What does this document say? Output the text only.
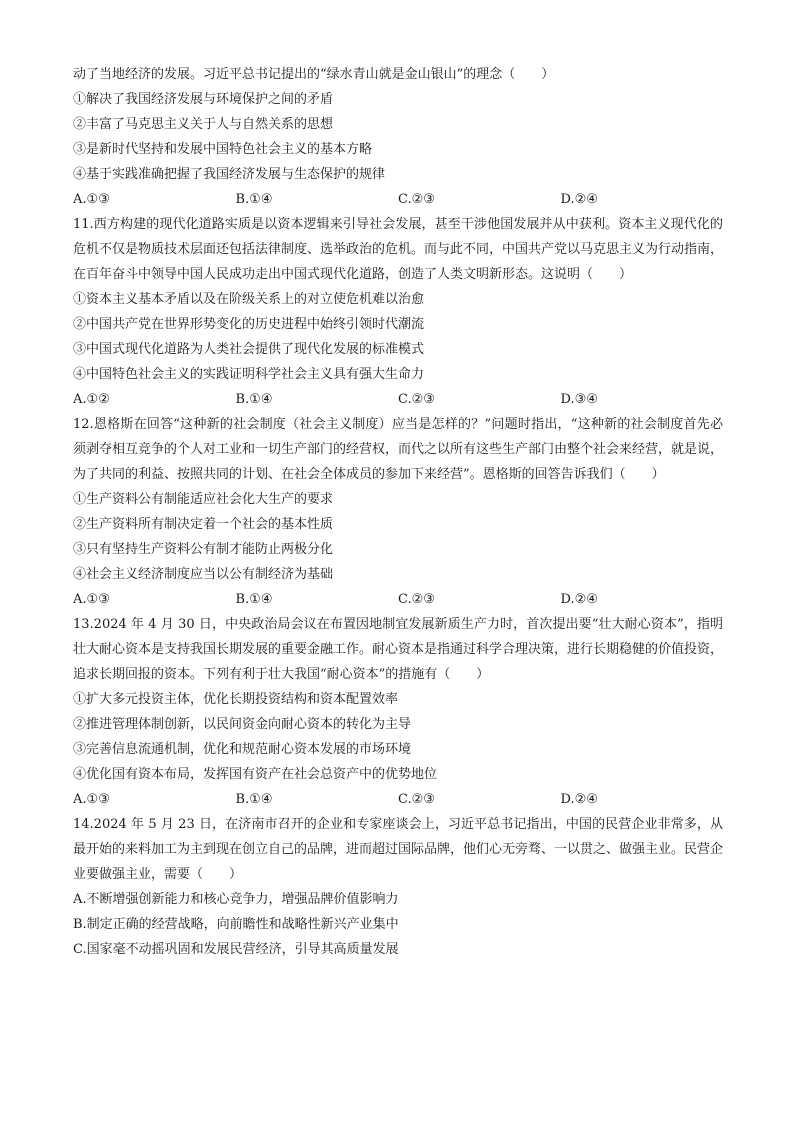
动了当地经济的发展。习近平总书记提出的“绿水青山就是金山银山”的理念（　　）
①解决了我国经济发展与环境保护之间的矛盾
②丰富了马克思主义关于人与自然关系的思想
③是新时代坚持和发展中国特色社会主义的基本方略
④基于实践准确把握了我国经济发展与生态保护的规律
A.①③	B.①④	C.②③	D.②④
11.西方构建的现代化道路实质是以资本逻辑来引导社会发展，甚至干涉他国发展并从中获利。资本主义现代化的危机不仅是物质技术层面还包括法律制度、选举政治的危机。而与此不同，中国共产党以马克思主义为行动指南，在百年奋斗中领导中国人民成功走出中国式现代化道路，创造了人类文明新形态。这说明（　　）
①资本主义基本矛盾以及在阶级关系上的对立使危机难以治愈
②中国共产党在世界形势变化的历史进程中始终引领时代潮流
③中国式现代化道路为人类社会提供了现代化发展的标准模式
④中国特色社会主义的实践证明科学社会主义具有强大生命力
A.①②	B.①④	C.②③	D.③④
12.恩格斯在回答“这种新的社会制度（社会主义制度）应当是怎样的？”问题时指出，“这种新的社会制度首先必须剥夺相互竞争的个人对工业和一切生产部门的经营权，而代之以所有这些生产部门由整个社会来经营，就是说，为了共同的利益、按照共同的计划、在社会全体成员的参加下来经营”。恩格斯的回答告诉我们（　　）
①生产资料公有制能适应社会化大生产的要求
②生产资料所有制决定着一个社会的基本性质
③只有坚持生产资料公有制才能防止两极分化
④社会主义经济制度应当以公有制经济为基础
A.①③	B.①④	C.②③	D.②④
13.2024 年 4 月 30 日，中央政治局会议在布置因地制宜发展新质生产力时，首次提出要“壮大耐心资本”，指明壮大耐心资本是支持我国长期发展的重要金融工作。耐心资本是指通过科学合理决策，进行长期稳健的价值投资，追求长期回报的资本。下列有利于壮大我国“耐心资本”的措施有（　　）
①扩大多元投资主体，优化长期投资结构和资本配置效率
②推进管理体制创新，以民间资金向耐心资本的转化为主导
③完善信息流通机制，优化和规范耐心资本发展的市场环境
④优化国有资本布局，发挥国有资产在社会总资产中的优势地位
A.①③	B.①④	C.②③	D.②④
14.2024 年 5 月 23 日，在济南市召开的企业和专家座谈会上，习近平总书记指出，中国的民营企业非常多，从最开始的来料加工为主到现在创立自己的品牌，进而超过国际品牌，他们心无旁骛、一以贯之、做强主业。民营企业要做强主业，需要（　　）
A.不断增强创新能力和核心竞争力，增强品牌价值影响力
B.制定正确的经营战略，向前瞻性和战略性新兴产业集中
C.国家毫不动摇巩固和发展民营经济，引导其高质量发展
